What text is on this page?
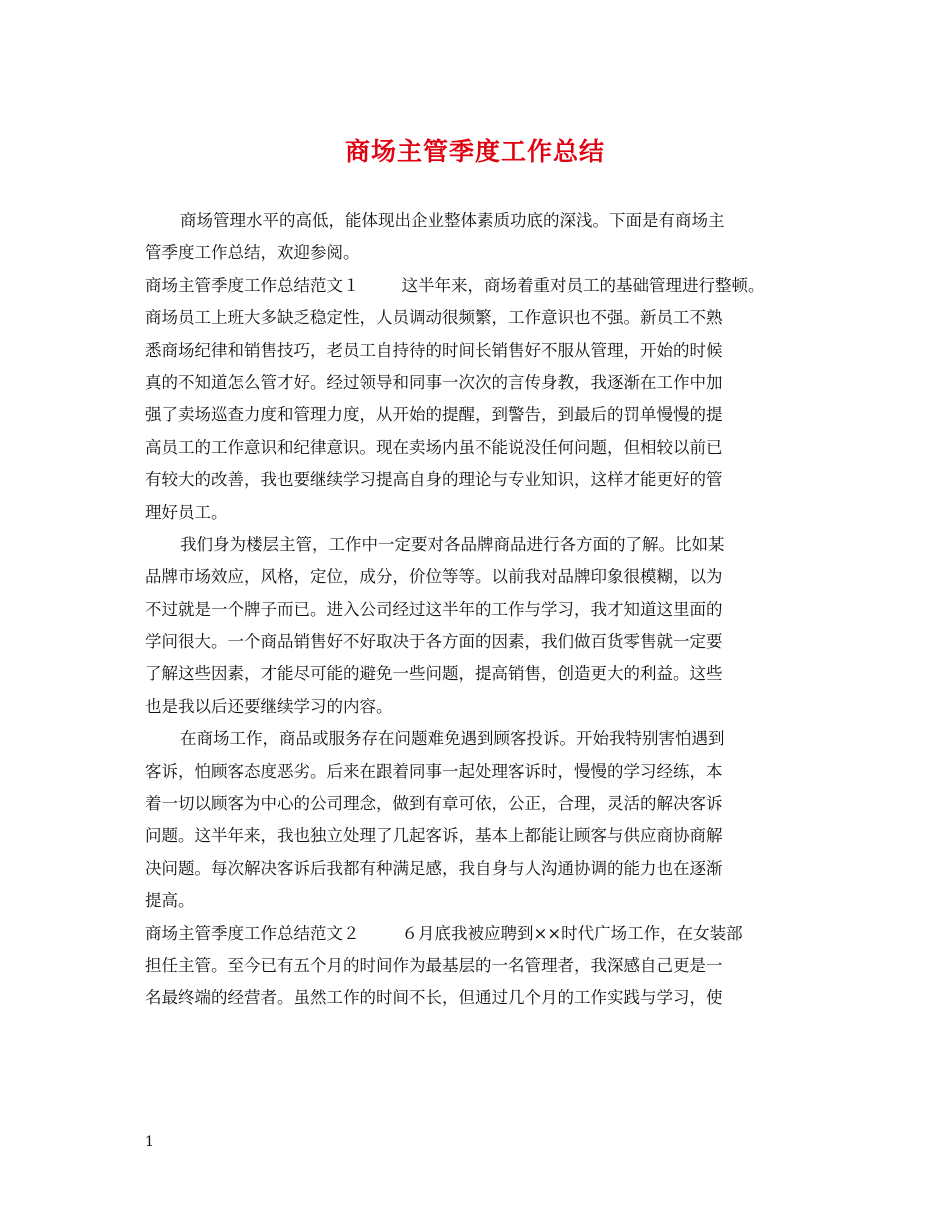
商场主管季度工作总结
商场管理水平的高低，能体现出企业整体素质功底的深浅。下面是有商场主
管季度工作总结，欢迎参阅。
商场主管季度工作总结范文１	这半年来，商场着重对员工的基础管理进行整顿。
商场员工上班大多缺乏稳定性，人员调动很频繁，工作意识也不强。新员工不熟
悉商场纪律和销售技巧，老员工自持待的时间长销售好不服从管理，开始的时候
真的不知道怎么管才好。经过领导和同事一次次的言传身教，我逐渐在工作中加
强了卖场巡查力度和管理力度，从开始的提醒，到警告，到最后的罚单慢慢的提
高员工的工作意识和纪律意识。现在卖场内虽不能说没任何问题，但相较以前已
有较大的改善，我也要继续学习提高自身的理论与专业知识，这样才能更好的管
理好员工。
我们身为楼层主管，工作中一定要对各品牌商品进行各方面的了解。比如某
品牌市场效应，风格，定位，成分，价位等等。以前我对品牌印象很模糊，以为
不过就是一个牌子而已。进入公司经过这半年的工作与学习，我才知道这里面的
学问很大。一个商品销售好不好取决于各方面的因素，我们做百货零售就一定要
了解这些因素，才能尽可能的避免一些问题，提高销售，创造更大的利益。这些
也是我以后还要继续学习的内容。
在商场工作，商品或服务存在问题难免遇到顾客投诉。开始我特别害怕遇到
客诉，怕顾客态度恶劣。后来在跟着同事一起处理客诉时，慢慢的学习经练，本
着一切以顾客为中心的公司理念，做到有章可依，公正，合理，灵活的解决客诉
问题。这半年来，我也独立处理了几起客诉，基本上都能让顾客与供应商协商解
决问题。每次解决客诉后我都有种满足感，我自身与人沟通协调的能力也在逐渐
提高。
商场主管季度工作总结范文２	６月底我被应聘到××时代广场工作，在女装部
担任主管。至今已有五个月的时间作为最基层的一名管理者，我深感自己更是一
名最终端的经营者。虽然工作的时间不长，但通过几个月的工作实践与学习，使
1
